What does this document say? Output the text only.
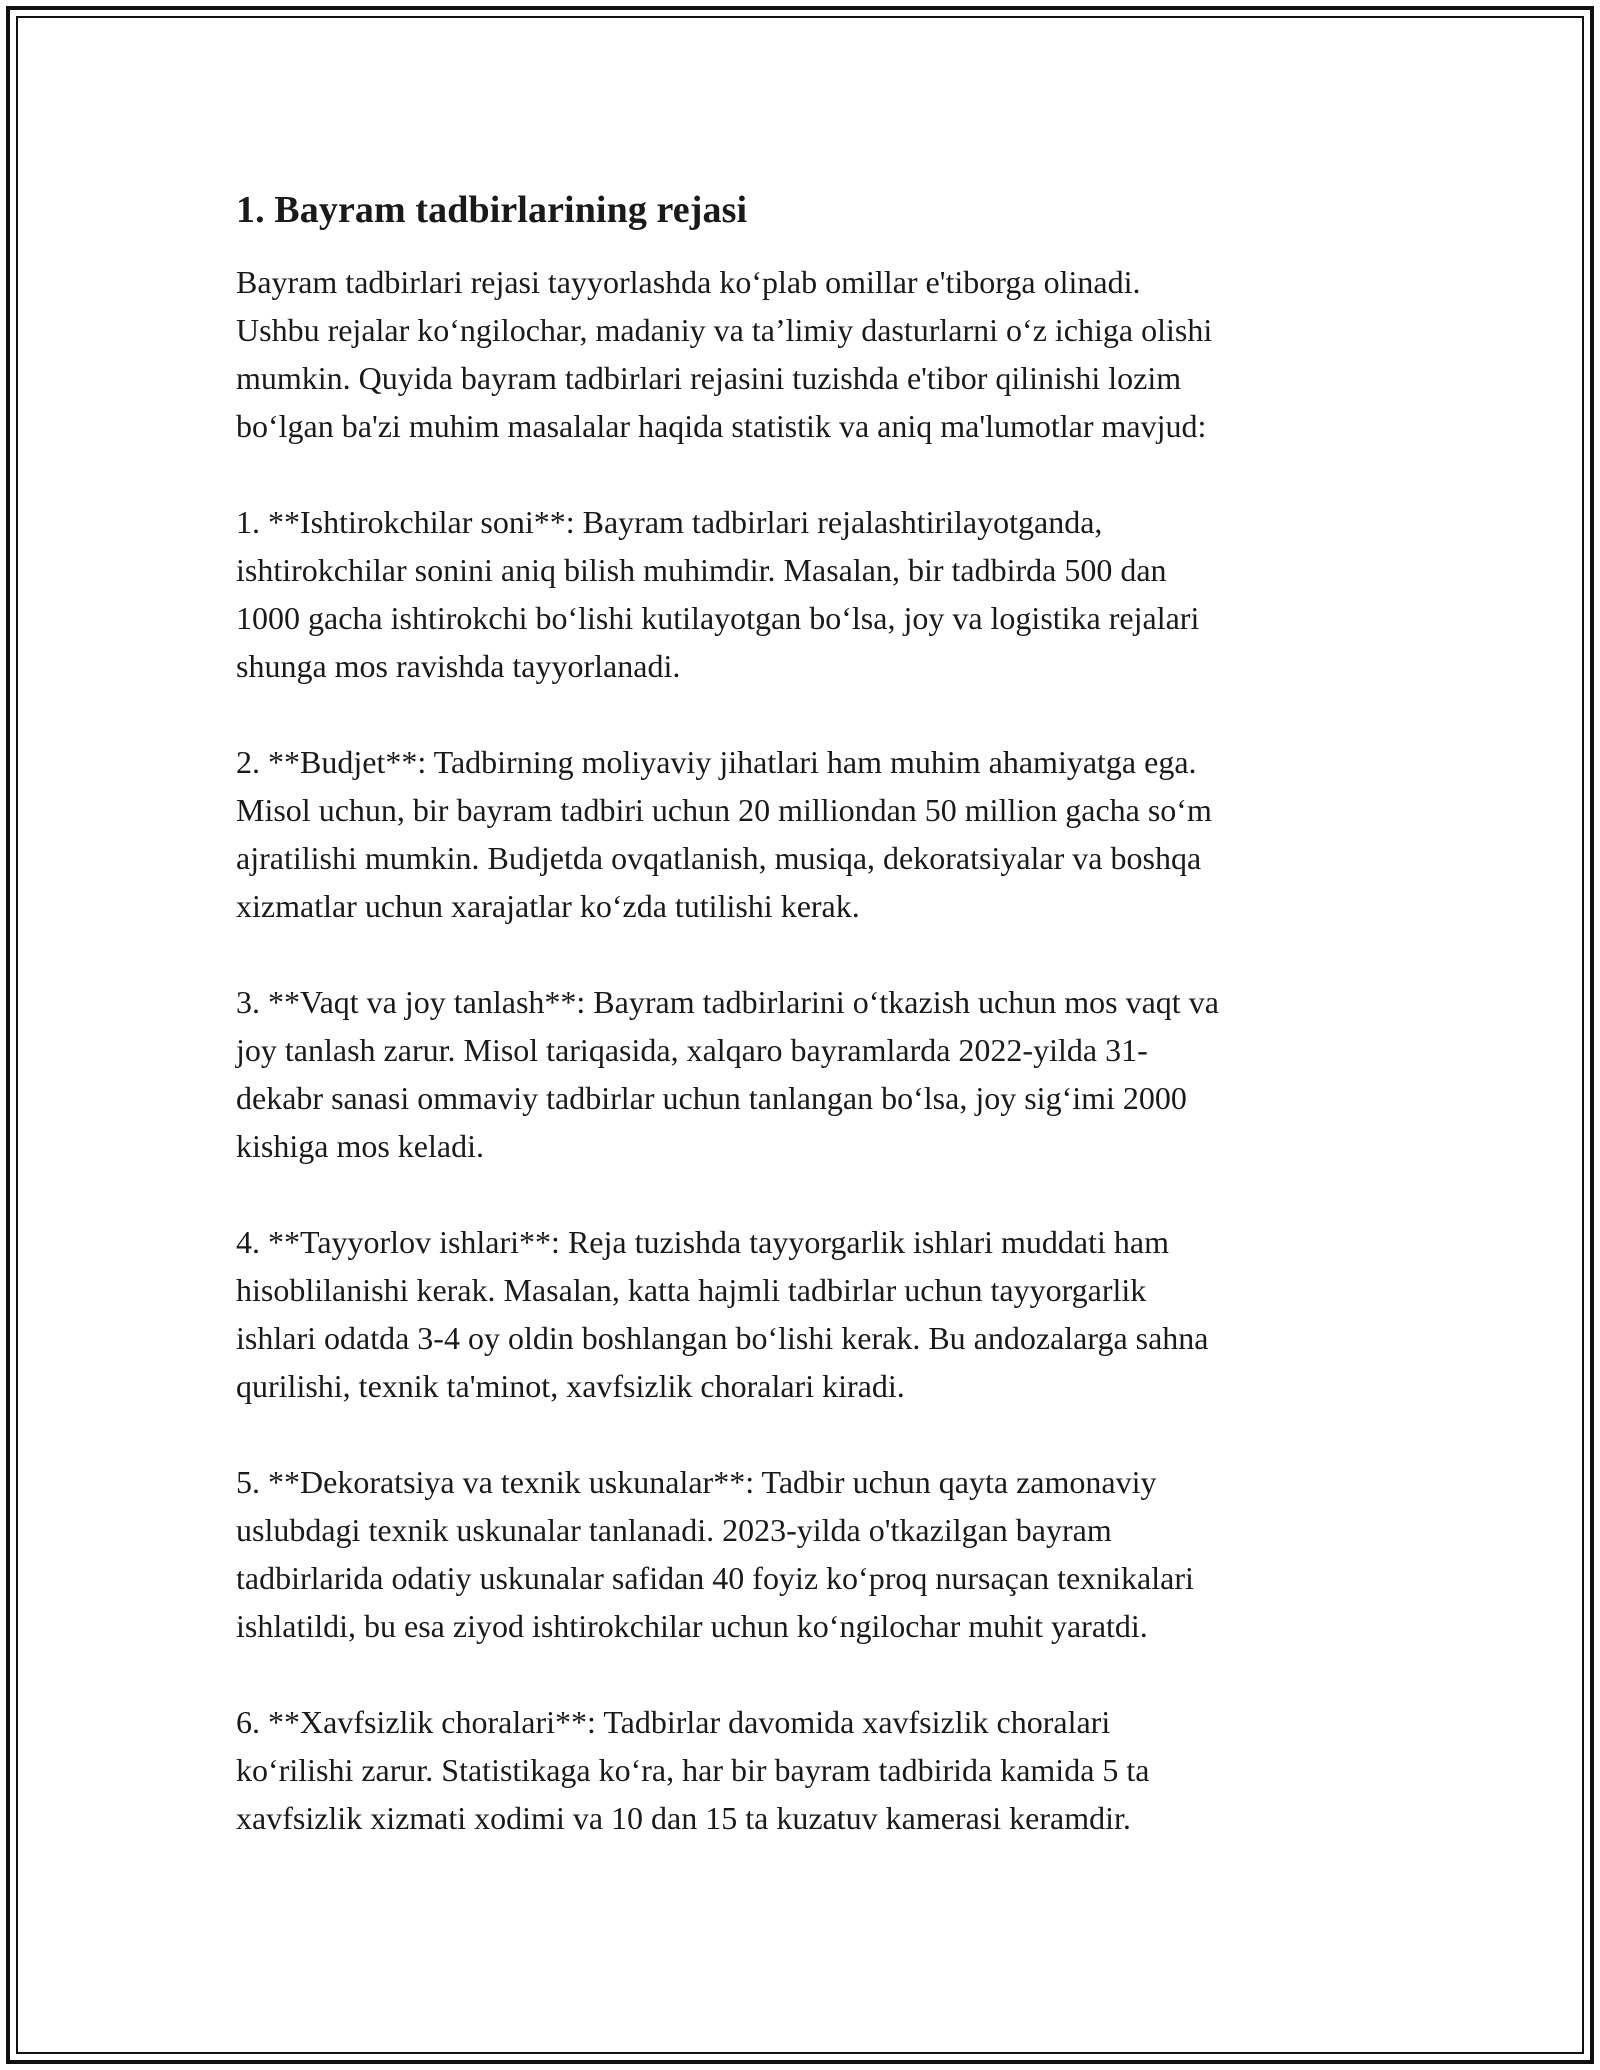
1. Bayram tadbirlarining rejasi

Bayram tadbirlari rejasi tayyorlashda ko‘plab omillar e'tiborga olinadi.
Ushbu rejalar ko‘ngilochar, madaniy va ta’limiy dasturlarni o‘z ichiga olishi
mumkin. Quyida bayram tadbirlari rejasini tuzishda e'tibor qilinishi lozim
bo‘lgan ba'zi muhim masalalar haqida statistik va aniq ma'lumotlar mavjud:

1. **Ishtirokchilar soni**: Bayram tadbirlari rejalashtirilayotganda,
ishtirokchilar sonini aniq bilish muhimdir. Masalan, bir tadbirda 500 dan
1000 gacha ishtirokchi bo‘lishi kutilayotgan bo‘lsa, joy va logistika rejalari
shunga mos ravishda tayyorlanadi.

2. **Budjet**: Tadbirning moliyaviy jihatlari ham muhim ahamiyatga ega.
Misol uchun, bir bayram tadbiri uchun 20 milliondan 50 million gacha so‘m
ajratilishi mumkin. Budjetda ovqatlanish, musiqa, dekoratsiyalar va boshqa
xizmatlar uchun xarajatlar ko‘zda tutilishi kerak.

3. **Vaqt va joy tanlash**: Bayram tadbirlarini o‘tkazish uchun mos vaqt va
joy tanlash zarur. Misol tariqasida, xalqaro bayramlarda 2022-yilda 31-
dekabr sanasi ommaviy tadbirlar uchun tanlangan bo‘lsa, joy sig‘imi 2000
kishiga mos keladi.

4. **Tayyorlov ishlari**: Reja tuzishda tayyorgarlik ishlari muddati ham
hisoblilanishi kerak. Masalan, katta hajmli tadbirlar uchun tayyorgarlik
ishlari odatda 3-4 oy oldin boshlangan bo‘lishi kerak. Bu andozalarga sahna
qurilishi, texnik ta'minot, xavfsizlik choralari kiradi.

5. **Dekoratsiya va texnik uskunalar**: Tadbir uchun qayta zamonaviy
uslubdagi texnik uskunalar tanlanadi. 2023-yilda o'tkazilgan bayram
tadbirlarida odatiy uskunalar safidan 40 foyiz ko‘proq nursaçan texnikalari
ishlatildi, bu esa ziyod ishtirokchilar uchun ko‘ngilochar muhit yaratdi.

6. **Xavfsizlik choralari**: Tadbirlar davomida xavfsizlik choralari
ko‘rilishi zarur. Statistikaga ko‘ra, har bir bayram tadbirida kamida 5 ta
xavfsizlik xizmati xodimi va 10 dan 15 ta kuzatuv kamerasi keramdir.
